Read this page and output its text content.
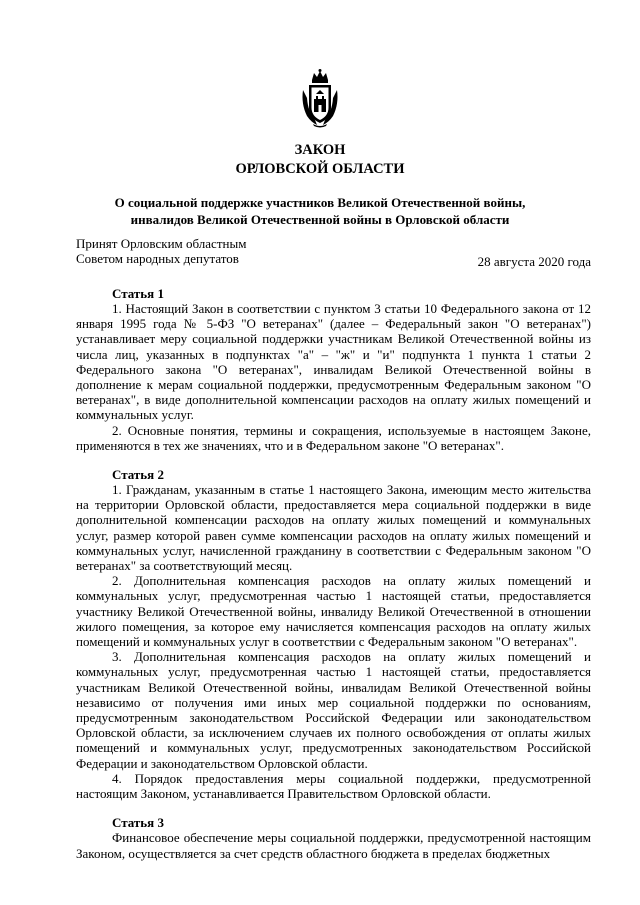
ЗАКОН
ОРЛОВСКОЙ ОБЛАСТИ
О социальной поддержке участников Великой Отечественной войны,
инвалидов Великой Отечественной войны в Орловской области
Принят Орловским областным
Советом народных депутатов	28 августа 2020 года

Статья 1

1. Настоящий Закон в соответствии с пунктом 3 статьи 10 Федерального закона от 12 января 1995 года № 5-ФЗ "О ветеранах" (далее – Федеральный закон "О ветеранах") устанавливает меру социальной поддержки участникам Великой Отечественной войны из числа лиц, указанных в подпунктах "а" – "ж" и "и" подпункта 1 пункта 1 статьи 2 Федерального закона "О ветеранах", инвалидам Великой Отечественной войны в дополнение к мерам социальной поддержки, предусмотренным Федеральным законом "О ветеранах", в виде дополнительной компенсации расходов на оплату жилых помещений и коммунальных услуг.

2. Основные понятия, термины и сокращения, используемые в настоящем Законе, применяются в тех же значениях, что и в Федеральном законе "О ветеранах".

Статья 2

1. Гражданам, указанным в статье 1 настоящего Закона, имеющим место жительства на территории Орловской области, предоставляется мера социальной поддержки в виде дополнительной компенсации расходов на оплату жилых помещений и коммунальных услуг, размер которой равен сумме компенсации расходов на оплату жилых помещений и коммунальных услуг, начисленной гражданину в соответствии с Федеральным законом "О ветеранах" за соответствующий месяц.

2. Дополнительная компенсация расходов на оплату жилых помещений и коммунальных услуг, предусмотренная частью 1 настоящей статьи, предоставляется участнику Великой Отечественной войны, инвалиду Великой Отечественной в отношении жилого помещения, за которое ему начисляется компенсация расходов на оплату жилых помещений и коммунальных услуг в соответствии с Федеральным законом "О ветеранах".

3. Дополнительная компенсация расходов на оплату жилых помещений и коммунальных услуг, предусмотренная частью 1 настоящей статьи, предоставляется участникам Великой Отечественной войны, инвалидам Великой Отечественной войны независимо от получения ими иных мер социальной поддержки по основаниям, предусмотренным законодательством Российской Федерации или законодательством Орловской области, за исключением случаев их полного освобождения от оплаты жилых помещений и коммунальных услуг, предусмотренных законодательством Российской Федерации и законодательством Орловской области.

4. Порядок предоставления меры социальной поддержки, предусмотренной настоящим Законом, устанавливается Правительством Орловской области.

Статья 3

Финансовое обеспечение меры социальной поддержки, предусмотренной настоящим Законом, осуществляется за счет средств областного бюджета в пределах бюджетных
